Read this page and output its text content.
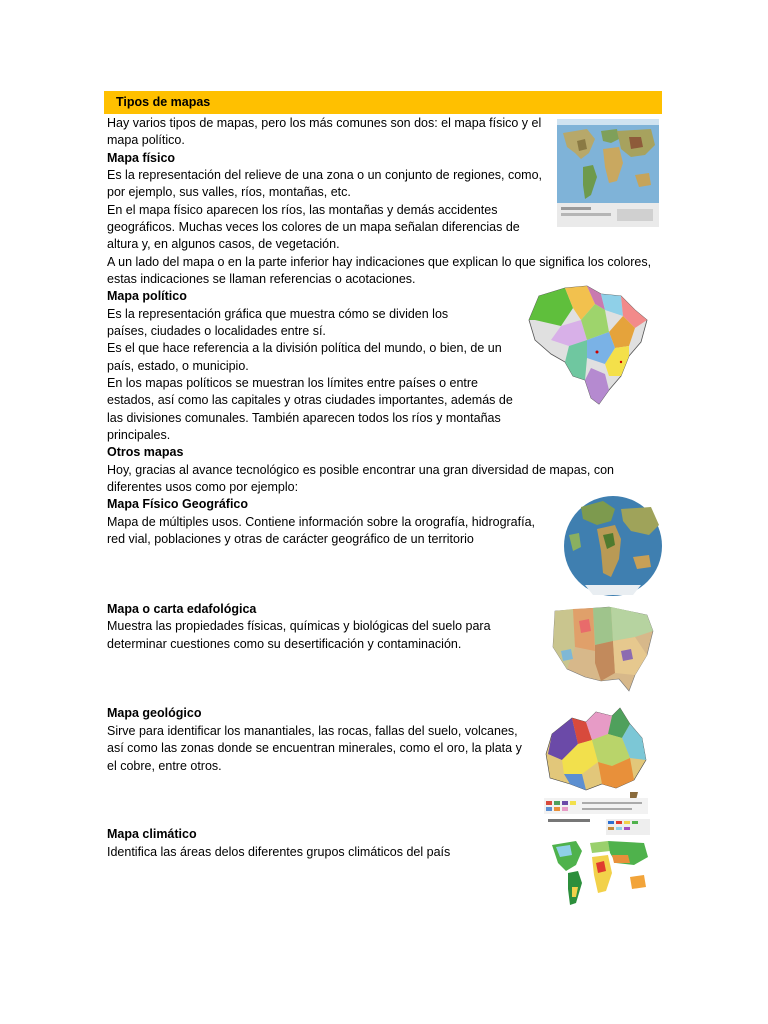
Tipos de mapas
Hay varios tipos de mapas, pero los más comunes son dos: el mapa físico y el
mapa político.
Mapa físico
Es la representación del relieve de una zona o un conjunto de regiones, como,
por ejemplo, sus valles, ríos, montañas, etc.
En el mapa físico aparecen los ríos, las montañas y demás accidentes
geográficos. Muchas veces los colores de un mapa señalan diferencias de
altura y, en algunos casos, de vegetación.
A un lado del mapa o en la parte inferior hay indicaciones que explican lo que significa los colores,
estas indicaciones se llaman referencias o acotaciones.
Mapa político
Es la representación gráfica que muestra cómo se dividen los
países, ciudades o localidades entre sí.
Es el que hace referencia a la división política del mundo, o bien, de un
país, estado, o municipio.
En los mapas políticos se muestran los límites entre países o entre
estados, así como las capitales y otras ciudades importantes, además de
las divisiones comunales. También aparecen todos los ríos y montañas
principales.
Otros mapas
Hoy, gracias al avance tecnológico es posible encontrar una gran diversidad de mapas, con
diferentes usos como por ejemplo:
Mapa Físico Geográfico
Mapa de múltiples usos. Contiene información sobre la orografía, hidrografía,
red vial, poblaciones y otras de carácter geográfico de un territorio
Mapa o carta edafológica
Muestra las propiedades físicas, químicas y biológicas del suelo para
determinar cuestiones como su desertificación y contaminación.
Mapa geológico
Sirve para identificar los manantiales, las rocas, fallas del suelo, volcanes,
así como las zonas donde se encuentran minerales, como el oro, la plata y
el cobre, entre otros.
Mapa climático
Identifica las áreas delos diferentes grupos climáticos del país
